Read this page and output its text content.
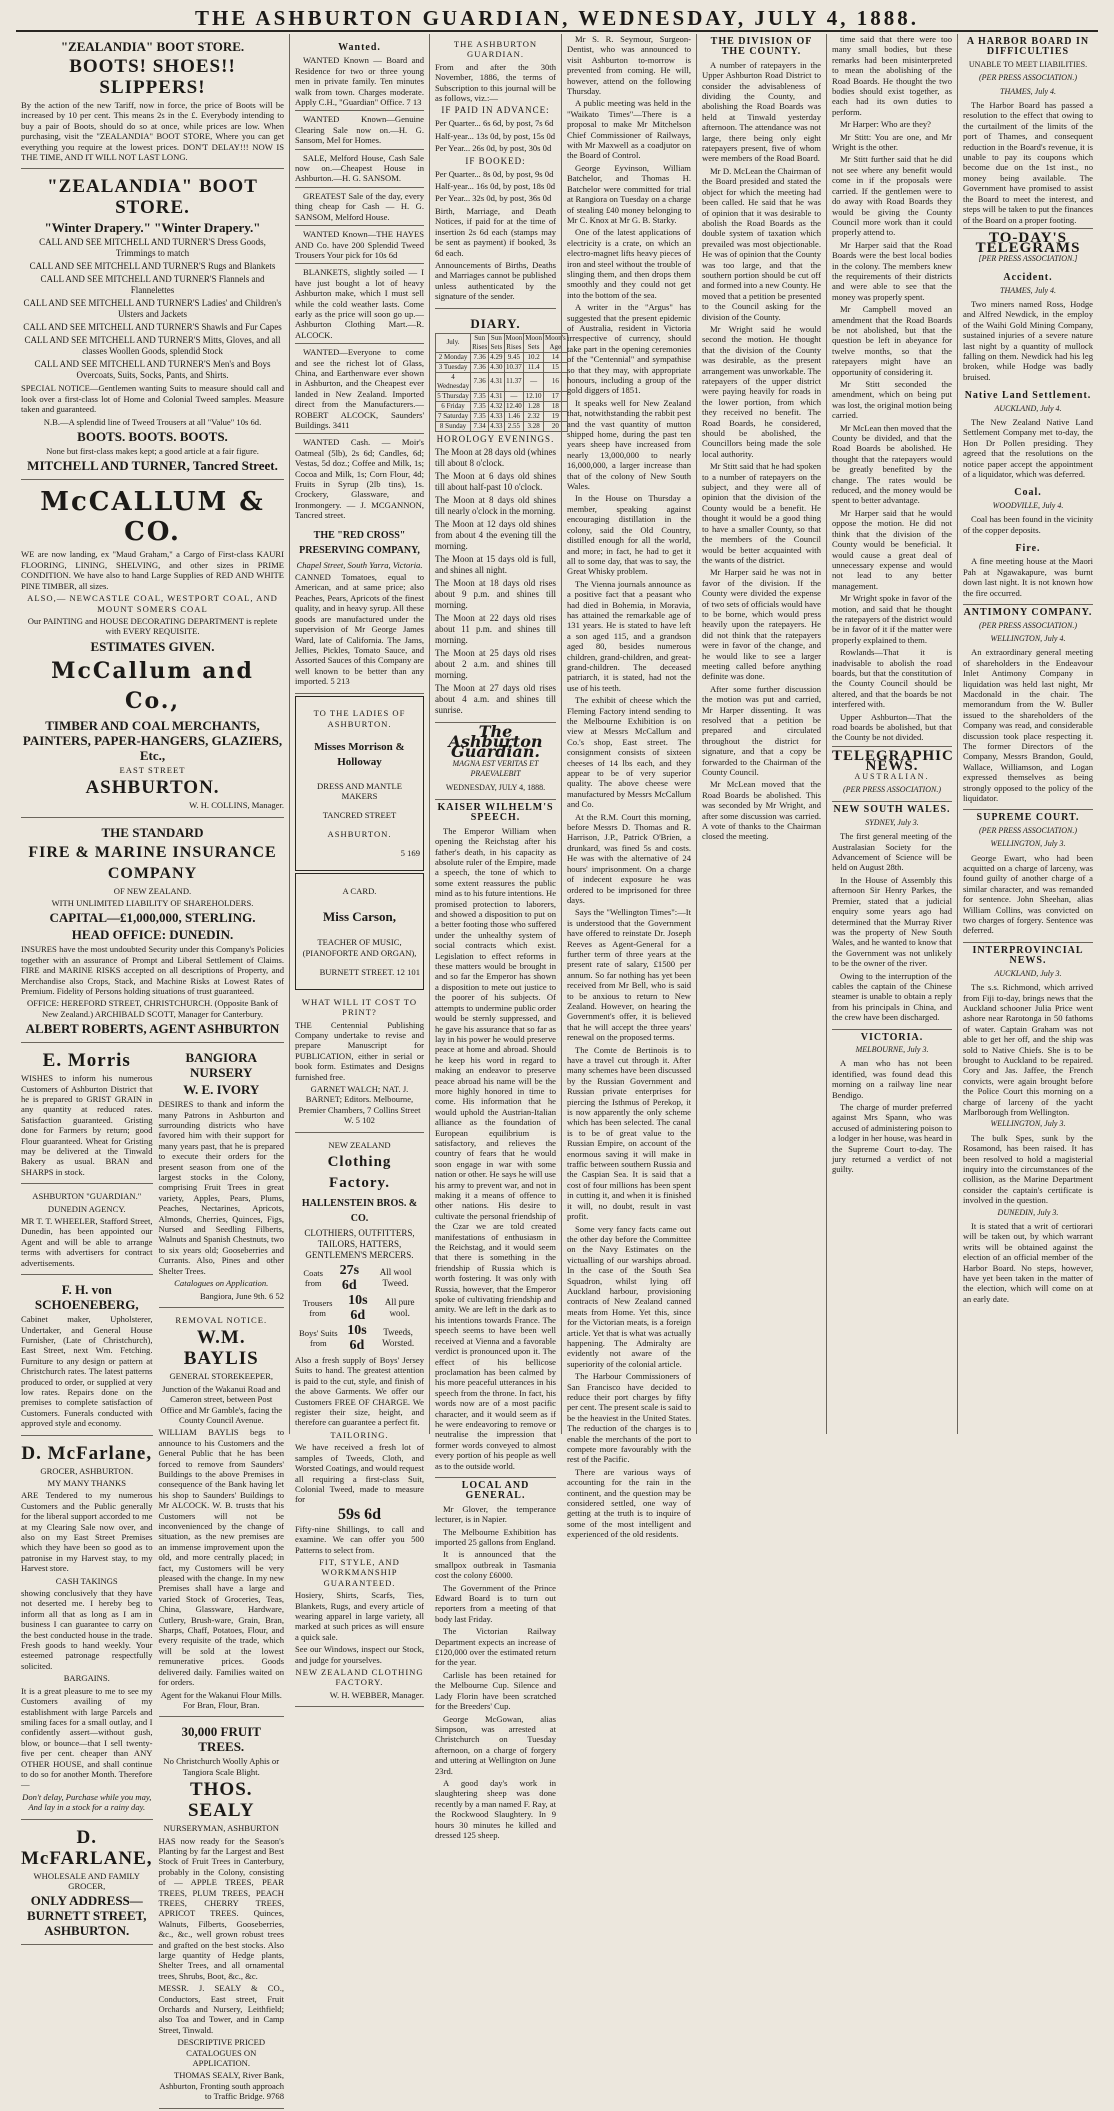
THE ASHBURTON GUARDIAN, WEDNESDAY, JULY 4, 1888.

"ZEALANDIA" BOOT STORE.

BOOTS! SHOES!! SLIPPERS!

By the action of the new Tariff, now in force, the price of Boots will be increased by 10 per cent. This means 2s in the £. Everybody intending to buy a pair of Boots, should do so at once, while prices are low. When purchasing, visit the "ZEALANDIA" BOOT STORE, Where you can get everything you require at the lowest prices. DON'T DELAY!!! NOW IS THE TIME, AND IT WILL NOT LAST LONG.

"ZEALANDIA" BOOT STORE.

"Winter Drapery." "Winter Drapery."

CALL AND SEE MITCHELL AND TURNER'S Dress Goods, Trimmings to match

CALL AND SEE MITCHELL AND TURNER'S Rugs and Blankets

CALL AND SEE MITCHELL AND TURNER'S Flannels and Flannelettes

CALL AND SEE MITCHELL AND TURNER'S Ladies' and Children's Ulsters and Jackets

CALL AND SEE MITCHELL AND TURNER'S Shawls and Fur Capes

CALL AND SEE MITCHELL AND TURNER'S Mitts, Gloves, and all classes Woollen Goods, splendid Stock

CALL AND SEE MITCHELL AND TURNER'S Men's and Boys Overcoats, Suits, Socks, Pants, and Shirts.

SPECIAL NOTICE—Gentlemen wanting Suits to measure should call and look over a first-class lot of Home and Colonial Tweed samples. Measure taken and guaranteed.

N.B.—A splendid line of Tweed Trousers at all "Value" 10s 6d.

BOOTS. BOOTS. BOOTS.

None but first-class makes kept; a good article at a fair figure.

MITCHELL AND TURNER, Tancred Street.

McCALLUM & CO.

WE are now landing, ex "Maud Graham," a Cargo of First-class KAURI FLOORING, LINING, SHELVING, and other sizes in PRIME CONDITION. We have also to hand Large Supplies of RED AND WHITE PINE TIMBER, all sizes.

ALSO,— NEWCASTLE COAL, WESTPORT COAL, AND MOUNT SOMERS COAL

Our PAINTING and HOUSE DECORATING DEPARTMENT is replete with EVERY REQUISITE.

ESTIMATES GIVEN.

McCallum and Co.,

TIMBER AND COAL MERCHANTS, PAINTERS, PAPER-HANGERS, GLAZIERS, Etc.,

EAST STREET

ASHBURTON.

W. H. COLLINS, Manager.

THE STANDARD

FIRE & MARINE INSURANCE COMPANY

OF NEW ZEALAND.

WITH UNLIMITED LIABILITY OF SHAREHOLDERS.

CAPITAL—£1,000,000, STERLING.

HEAD OFFICE: DUNEDIN.

INSURES have the most undoubted Security under this Company's Policies together with an assurance of Prompt and Liberal Settlement of Claims. FIRE and MARINE RISKS accepted on all descriptions of Property, and Merchandise also Crops, Stack, and Machine Risks at Lowest Rates of Premium. Fidelity of Persons holding situations of trust guaranteed.

OFFICE: HEREFORD STREET, CHRISTCHURCH. (Opposite Bank of New Zealand.) ARCHIBALD SCOTT, Manager for Canterbury.

ALBERT ROBERTS, AGENT ASHBURTON

E. Morris

WISHES to inform his numerous Customers of Ashburton District that he is prepared to GRIST GRAIN in any quantity at reduced rates. Satisfaction guaranteed. Gristing done for Farmers by return; good Flour guaranteed. Wheat for Gristing may be delivered at the Tinwald Bakery as usual. BRAN and SHARPS in stock.

ASHBURTON "GUARDIAN."

DUNEDIN AGENCY.

MR T. T. WHEELER, Stafford Street, Dunedin, has been appointed our Agent and will be able to arrange terms with advertisers for contract advertisements.

F. H. von SCHOENEBERG,

Cabinet maker, Upholsterer, Undertaker, and General House Furnisher, (Late of Christchurch), East Street, next Wm. Fetching. Furniture to any design or pattern at Christchurch rates. The latest patterns produced to order, or supplied at very low rates. Repairs done on the premises to complete satisfaction of Customers. Funerals conducted with approved style and economy.

D. McFarlane,

GROCER, ASHBURTON.

MY MANY THANKS

ARE Tendered to my numerous Customers and the Public generally for the liberal support accorded to me at my Clearing Sale now over, and also on my East Street Premises which they have been so good as to patronise in my Harvest stay, to my Harvest store.

CASH TAKINGS

showing conclusively that they have not deserted me. I hereby beg to inform all that as long as I am in business I can guarantee to carry on the best conducted house in the trade. Fresh goods to hand weekly. Your esteemed patronage respectfully solicited.

BARGAINS.

It is a great pleasure to me to see my Customers availing of my establishment with large Parcels and smiling faces for a small outlay, and I confidently assert—without gush, blow, or bounce—that I sell twenty-five per cent. cheaper than ANY OTHER HOUSE, and shall continue to do so for another Month. Therefore—

Don't delay, Purchase while you may, And lay in a stock for a rainy day.

D. McFARLANE,

WHOLESALE AND FAMILY GROCER,

ONLY ADDRESS— BURNETT STREET, ASHBURTON.

BANGIORA NURSERY

W. E. IVORY

DESIRES to thank and inform the many Patrons in Ashburton and surrounding districts who have favored him with their support for many years past, that he is prepared to execute their orders for the present season from one of the largest stocks in the Colony, comprising Fruit Trees in great variety, Apples, Pears, Plums, Peaches, Nectarines, Apricots, Almonds, Cherries, Quinces, Figs, Nursed and Seedling Filberts, Walnuts and Spanish Chestnuts, two to six years old; Gooseberries and Currants. Also, Pines and other Shelter Trees.

Catalogues on Application.

Bangiora, June 9th. 6 52

REMOVAL NOTICE.

W.M. BAYLIS

GENERAL STOREKEEPER,

Junction of the Wakanui Road and Cameron street, between Post Office and Mr Gamble's, facing the County Council Avenue.

WILLIAM BAYLIS begs to announce to his Customers and the General Public that he has been forced to remove from Saunders' Buildings to the above Premises in consequence of the Bank having let his shop to Saunders' Buildings to Mr ALCOCK. W. B. trusts that his Customers will not be inconvenienced by the change of situation, as the new premises are an immense improvement upon the old, and more centrally placed; in fact, my Customers will be very pleased with the change. In my new Premises shall have a large and varied Stock of Groceries, Teas, China, Glassware, Hardware, Cutlery, Brush-ware, Grain, Bran, Sharps, Chaff, Potatoes, Flour, and every requisite of the trade, which will be sold at the lowest remunerative prices. Goods delivered daily. Families waited on for orders.

Agent for the Wakanui Flour Mills. For Bran, Flour, Bran.

30,000 FRUIT TREES.

No Christchurch Woolly Aphis or Tangiora Scale Blight.

THOS. SEALY

NURSERYMAN, ASHBURTON

HAS now ready for the Season's Planting by far the Largest and Best Stock of Fruit Trees in Canterbury, probably in the Colony, consisting of — APPLE TREES, PEAR TREES, PLUM TREES, PEACH TREES, CHERRY TREES, APRICOT TREES. Quinces, Walnuts, Filberts, Gooseberries, &c., &c., well grown robust trees and grafted on the best stocks. Also large quantity of Hedge plants, Shelter Trees, and all ornamental trees, Shrubs, Boot, &c., &c.

MESSR. J. SEALY & CO., Conductors, East street, Fruit Orchards and Nursery, Leithfield; also Toa and Tower, and in Camp Street, Tinwald.

DESCRIPTIVE PRICED CATALOGUES ON APPLICATION.

THOMAS SEALY, River Bank, Ashburton, Fronting south approach to Traffic Bridge. 9768

Wanted.

WANTED Known — Board and Residence for two or three young men in private family. Ten minutes walk from town. Charges moderate. Apply C.H., "Guardian" Office. 7 13

WANTED Known—Genuine Clearing Sale now on.—H. G. Sansom, Mel for Homes.

SALE, Melford House, Cash Sale now on.—Cheapest House in Ashburton.—H. G. SANSOM.

GREATEST Sale of the day, every thing cheap for Cash — H. G. SANSOM, Melford House.

WANTED Known—THE HAYES AND Co. have 200 Splendid Tweed Trousers Your pick for 10s 6d

BLANKETS, slightly soiled — I have just bought a lot of heavy Ashburton make, which I must sell while the cold weather lasts. Come early as the price will soon go up.—Ashburton Clothing Mart.—R. ALCOCK.

WANTED—Everyone to come and see the richest lot of Glass, China, and Earthenware ever shown in Ashburton, and the Cheapest ever landed in New Zealand. Imported direct from the Manufacturers.—ROBERT ALCOCK, Saunders' Buildings. 3411

WANTED Cash. — Moir's Oatmeal (5lb), 2s 6d; Candles, 6d; Vestas, 5d doz.; Coffee and Milk, 1s; Cocoa and Milk, 1s; Corn Flour, 4d; Fruits in Syrup (2lb tins), 1s. Crockery, Glassware, and Ironmongery. — J. MCGANNON, Tancred street.

THE "RED CROSS" PRESERVING COMPANY,

Chapel Street, South Yarra, Victoria.

CANNED Tomatoes, equal to American, and at same price; also Peaches, Pears, Apricots of the finest quality, and in heavy syrup. All these goods are manufactured under the supervision of Mr George James Ward, late of California. The Jams, Jellies, Pickles, Tomato Sauce, and Assorted Sauces of this Company are well known to be better than any imported. 5 213

TO THE LADIES OF ASHBURTON.

Misses Morrison & Holloway

DRESS AND MANTLE MAKERS

TANCRED STREET

ASHBURTON.

5 169

A CARD.

Miss Carson,

TEACHER OF MUSIC, (PIANOFORTE AND ORGAN),

BURNETT STREET. 12 101

WHAT WILL IT COST TO PRINT?

THE Centennial Publishing Company undertake to revise and prepare Manuscript for PUBLICATION, either in serial or book form. Estimates and Designs furnished free.

GARNET WALCH; NAT. J. BARNET; Editors. Melbourne, Premier Chambers, 7 Collins Street W. 5 102

NEW ZEALAND

Clothing Factory.

HALLENSTEIN BROS. & CO.

CLOTHIERS, OUTFITTERS, TAILORS, HATTERS, GENTLEMEN'S MERCERS.

Coats from
27s 6d
All wool Tweed.
Trousers from
10s 6d
All pure wool.
Boys' Suits from
10s 6d
Tweeds, Worsted.

Also a fresh supply of Boys' Jersey Suits to hand. The greatest attention is paid to the cut, style, and finish of the above Garments. We offer our Customers FREE OF CHARGE. We register their size, height, and therefore can guarantee a perfect fit.

TAILORING.

We have received a fresh lot of samples of Tweeds, Cloth, and Worsted Coatings, and would request all requiring a first-class Suit, Colonial Tweed, made to measure for

59s 6d

Fifty-nine Shillings, to call and examine. We can offer you 500 Patterns to select from.

FIT, STYLE, AND WORKMANSHIP GUARANTEED.

Hosiery, Shirts, Scarfs, Ties, Blankets, Rugs, and every article of wearing apparel in large variety, all marked at such prices as will ensure a quick sale.

See our Windows, inspect our Stock, and judge for yourselves.

NEW ZEALAND CLOTHING FACTORY.

W. H. WEBBER, Manager.

THE ASHBURTON GUARDIAN.

From and after the 30th November, 1886, the terms of Subscription to this journal will be as follows, viz.:—

IF PAID IN ADVANCE:

Per Quarter... 6s 6d, by post, 7s 6d

Half-year... 13s 0d, by post, 15s 0d

Per Year... 26s 0d, by post, 30s 0d

IF BOOKED:

Per Quarter... 8s 0d, by post, 9s 0d

Half-year... 16s 0d, by post, 18s 0d

Per Year... 32s 0d, by post, 36s 0d

Birth, Marriage, and Death Notices, if paid for at the time of insertion 2s 6d each (stamps may be sent as payment) if booked, 3s 6d each.

Announcements of Births, Deaths and Marriages cannot be published unless authenticated by the signature of the sender.

DIARY.

July.	Sun Rises	Sun Sets	Moon Rises	Moon Sets	Moon's Age
2 Monday	7.36	4.29	9.45	10.2	14
3 Tuesday	7.36	4.30	10.37	11.4	15
4 Wednesday	7.36	4.31	11.37	—	16
5 Thursday	7.35	4.31	—	12.10	17
6 Friday	7.35	4.32	12.40	1.28	18
7 Saturday	7.35	4.33	1.46	2.32	19
8 Sunday	7.34	4.33	2.55	3.28	20

HOROLOGY EVENINGS.

The Moon at 28 days old (whines till about 8 o'clock.

The Moon at 6 days old shines till about half-past 10 o'clock.

The Moon at 8 days old shines till nearly o'clock in the morning.

The Moon at 12 days old shines from about 4 the evening till the morning.

The Moon at 15 days old is full, and shines all night.

The Moon at 18 days old rises about 9 p.m. and shines till morning.

The Moon at 22 days old rises about 11 p.m. and shines till morning.

The Moon at 25 days old rises about 2 a.m. and shines till morning.

The Moon at 27 days old rises about 4 a.m. and shines till sunrise.

The Ashburton Guardian.
MAGNA EST VERITAS ET PRAEVALEBIT
WEDNESDAY, JULY 4, 1888.
KAISER WILHELM'S SPEECH.

The Emperor William when opening the Reichstag after his father's death, in his capacity as absolute ruler of the Empire, made a speech, the tone of which to some extent reassures the public mind as to his future intentions. He promised protection to laborers, and showed a disposition to put on a better footing those who suffered under the unhealthy system of social contracts which exist. Legislation to effect reforms in these matters would be brought in and so far the Emperor has shown a disposition to mete out justice to the poorer of his subjects. Of attempts to undermine public order would be sternly suppressed, and he gave his assurance that so far as lay in his power he would preserve peace at home and abroad. Should he keep his word in regard to making an endeavor to preserve peace abroad his name will be the more highly honored in time to come. His information that he would uphold the Austrian-Italian alliance as the foundation of European equilibrium is satisfactory, and relieves the country of fears that he would soon engage in war with some nation or other. He says he will use his army to prevent war, and not in making it a means of offence to other nations. His desire to cultivate the personal friendship of the Czar we are told created manifestations of enthusiasm in the Reichstag, and it would seem that there is something in the friendship of Russia which is worth fostering. It was only with Russia, however, that the Emperor spoke of cultivating friendship and amity. We are left in the dark as to his intentions towards France. The speech seems to have been well received at Vienna and a favorable verdict is pronounced upon it. The effect of his bellicose proclamation has been calmed by his more peaceful utterances in his speech from the throne. In fact, his words now are of a most pacific character, and it would seem as if he were endeavoring to remove or neutralise the impression that former words conveyed to almost every portion of his people as well as to the outside world.

LOCAL AND GENERAL.

Mr Glover, the temperance lecturer, is in Napier.

The Melbourne Exhibition has imported 25 gallons from England.

It is announced that the smallpox outbreak in Tasmania cost the colony £6000.

The Government of the Prince Edward Board is to turn out reporters from a meeting of that body last Friday.

The Victorian Railway Department expects an increase of £120,000 over the estimated return for the year.

Carlisle has been retained for the Melbourne Cup. Silence and Lady Florin have been scratched for the Breeders' Cup.

George McGowan, alias Simpson, was arrested at Christchurch on Tuesday afternoon, on a charge of forgery and uttering at Wellington on June 23rd.

A good day's work in slaughtering sheep was done recently by a man named F. Ray, at the Rockwood Slaughtery. In 9 hours 30 minutes he killed and dressed 125 sheep.

Mr S. R. Seymour, Surgeon-Dentist, who was announced to visit Ashburton to-morrow is prevented from coming. He will, however, attend on the following Thursday.

A public meeting was held in the "Waikato Times"—There is a proposal to make Mr Mitchelson Chief Commissioner of Railways, with Mr Maxwell as a coadjutor on the Board of Control.

George Eyvinson, William Batchelor, and Thomas H. Batchelor were committed for trial at Rangiora on Tuesday on a charge of stealing £40 money belonging to Mr C. Knox at Mr G. B. Starky.

One of the latest applications of electricity is a crate, on which an electro-magnet lifts heavy pieces of iron and steel without the trouble of slinging them, and then drops them smoothly and they could not get into the bottom of the sea.

A writer in the "Argus" has suggested that the present epidemic of Australia, resident in Victoria irrespective of currency, should take part in the opening ceremonies of the "Centennial" and sympathise so that they may, with appropriate honours, including a group of the gold diggers of 1851.

It speaks well for New Zealand that, notwithstanding the rabbit pest and the vast quantity of mutton shipped home, during the past ten years sheep have increased from nearly 13,000,000 to nearly 16,000,000, a larger increase than that of the colony of New South Wales.

In the House on Thursday a member, speaking against encouraging distillation in the colony, said the Old Country, distilled enough for all the world, and more; in fact, he had to get it all to some day, that was to say, the Great Whisky problem.

The Vienna journals announce as a positive fact that a peasant who had died in Bohemia, in Moravia, has attained the remarkable age of 131 years. He is stated to have left a son aged 115, and a grandson aged 80, besides numerous children, grand-children, and great-grand-children. The deceased patriarch, it is stated, had not the use of his teeth.

The exhibit of cheese which the Fleming Factory intend sending to the Melbourne Exhibition is on view at Messrs McCallum and Co.'s shop, East street. The consignment consists of sixteen cheeses of 14 lbs each, and they appear to be of very superior quality. The above cheese were manufactured by Messrs McCallum and Co.

At the R.M. Court this morning, before Messrs D. Thomas and R. Harrison, J.P., Patrick O'Brien, a drunkard, was fined 5s and costs. He was with the alternative of 24 hours' imprisonment. On a charge of indecent exposure he was ordered to be imprisoned for three days.

Says the "Wellington Times":—It is understood that the Government have offered to reinstate Dr. Joseph Reeves as Agent-General for a further term of three years at the present rate of salary, £1500 per annum. So far nothing has yet been received from Mr Bell, who is said to be anxious to return to New Zealand. However, on hearing the Government's offer, it is believed that he will accept the three years' renewal on the proposed terms.

The Comte de Bertinois is to have a travel cut through it. After many schemes have been discussed by the Russian Government and Russian private enterprises for piercing the Isthmus of Perekop, it is now apparently the only scheme which has been selected. The canal is to be of great value to the Russian Empire, on account of the enormous saving it will make in traffic between southern Russia and the Caspian Sea. It is said that a cost of four millions has been spent in cutting it, and when it is finished it will, no doubt, result in vast profit.

Some very fancy facts came out the other day before the Committee on the Navy Estimates on the victualling of our warships abroad. In the case of the South Sea Squadron, whilst lying off Auckland harbour, provisioning contracts of New Zealand canned meats from Home. Yet this, since for the Victorian meats, is a foreign article. Yet that is what was actually happening. The Admiralty are evidently not aware of the superiority of the colonial article.

The Harbour Commissioners of San Francisco have decided to reduce their port charges by fifty per cent. The present scale is said to be the heaviest in the United States. The reduction of the charges is to enable the merchants of the port to compete more favourably with the rest of the Pacific.

There are various ways of accounting for the rain in the continent, and the question may be considered settled, one way of getting at the truth is to inquire of some of the most intelligent and experienced of the old residents.

THE DIVISION OF THE COUNTY.

A number of ratepayers in the Upper Ashburton Road District to consider the advisableness of dividing the County, and abolishing the Road Boards was held at Tinwald yesterday afternoon. The attendance was not large, there being only eight ratepayers present, five of whom were members of the Road Board.

Mr D. McLean the Chairman of the Board presided and stated the object for which the meeting had been called. He said that he was of opinion that it was desirable to abolish the Road Boards as the double system of taxation which prevailed was most objectionable. He was of opinion that the County was too large, and that the southern portion should be cut off and formed into a new County. He moved that a petition be presented to the Council asking for the division of the County.

Mr Wright said he would second the motion. He thought that the division of the County was desirable, as the present arrangement was unworkable. The ratepayers of the upper district were paying heavily for roads in the lower portion, from which they received no benefit. The Road Boards, he considered, should be abolished, the Councillors being made the sole local authority.

Mr Stitt said that he had spoken to a number of ratepayers on the subject, and they were all of opinion that the division of the County would be a benefit. He thought it would be a good thing to have a smaller County, so that the members of the Council would be better acquainted with the wants of the district.

Mr Harper said he was not in favor of the division. If the County were divided the expense of two sets of officials would have to be borne, which would press heavily upon the ratepayers. He did not think that the ratepayers were in favor of the change, and he would like to see a larger meeting called before anything definite was done.

After some further discussion the motion was put and carried, Mr Harper dissenting. It was resolved that a petition be prepared and circulated throughout the district for signature, and that a copy be forwarded to the Chairman of the County Council.

Mr McLean moved that the Road Boards be abolished. This was seconded by Mr Wright, and after some discussion was carried. A vote of thanks to the Chairman closed the meeting.

time said that there were too many small bodies, but these remarks had been misinterpreted to mean the abolishing of the Road Boards. He thought the two bodies should exist together, as each had its own duties to perform.

Mr Harper: Who are they?

Mr Stitt: You are one, and Mr Wright is the other.

Mr Stitt further said that he did not see where any benefit would come in if the proposals were carried. If the gentlemen were to do away with Road Boards they would be giving the County Council more work than it could properly attend to.

Mr Harper said that the Road Boards were the best local bodies in the colony. The members knew the requirements of their districts and were able to see that the money was properly spent.

Mr Campbell moved an amendment that the Road Boards be not abolished, but that the question be left in abeyance for twelve months, so that the ratepayers might have an opportunity of considering it.

Mr Stitt seconded the amendment, which on being put was lost, the original motion being carried.

Mr McLean then moved that the County be divided, and that the Road Boards be abolished. He thought that the ratepayers would be greatly benefited by the change. The rates would be reduced, and the money would be spent to better advantage.

Mr Harper said that he would oppose the motion. He did not think that the division of the County would be beneficial. It would cause a great deal of unnecessary expense and would not lead to any better management.

Mr Wright spoke in favor of the motion, and said that he thought the ratepayers of the district would be in favor of it if the matter were properly explained to them.

Rowlands—That it is inadvisable to abolish the road boards, but that the constitution of the County Council should be altered, and that the boards be not interfered with.

Upper Ashburton—That the road boards be abolished, but that the County be not divided.

TELEGRAPHIC NEWS.
AUSTRALIAN.
(PER PRESS ASSOCIATION.)
NEW SOUTH WALES.
SYDNEY, July 3.

The first general meeting of the Australasian Society for the Advancement of Science will be held on August 28th.

In the House of Assembly this afternoon Sir Henry Parkes, the Premier, stated that a judicial enquiry some years ago had determined that the Murray River was the property of New South Wales, and he wanted to know that the Government was not unlikely to be the owner of the river.

Owing to the interruption of the cables the captain of the Chinese steamer is unable to obtain a reply from his principals in China, and the crew have been discharged.

VICTORIA.
MELBOURNE, July 3.

A man who has not been identified, was found dead this morning on a railway line near Bendigo.

The charge of murder preferred against Mrs Spann, who was accused of administering poison to a lodger in her house, was heard in the Supreme Court to-day. The jury returned a verdict of not guilty.

A HARBOR BOARD IN DIFFICULTIES
UNABLE TO MEET LIABILITIES.
(PER PRESS ASSOCIATION.)
THAMES, July 4.

The Harbor Board has passed a resolution to the effect that owing to the curtailment of the limits of the port of Thames, and consequent reduction in the Board's revenue, it is unable to pay its coupons which become due on the 1st inst., no money being available. The Government have promised to assist the Board to meet the interest, and steps will be taken to put the finances of the Board on a proper footing.

TO-DAY'S TELEGRAMS
[PER PRESS ASSOCIATION.]
Accident.
THAMES, July 4.

Two miners named Ross, Hodge and Alfred Newdick, in the employ of the Waihi Gold Mining Company, sustained injuries of a severe nature last night by a quantity of mullock falling on them. Newdick had his leg broken, while Hodge was badly bruised.

Native Land Settlement.
AUCKLAND, July 4.

The New Zealand Native Land Settlement Company met to-day, the Hon Dr Pollen presiding. They agreed that the resolutions on the notice paper accept the appointment of a liquidator, which was deferred.

Coal.
WOODVILLE, July 4.

Coal has been found in the vicinity of the copper deposits.

Fire.

A fine meeting house at the Maori Pah at Ngawakapure, was burnt down last night. It is not known how the fire occurred.

ANTIMONY COMPANY.
(PER PRESS ASSOCIATION.)
WELLINGTON, July 4.

An extraordinary general meeting of shareholders in the Endeavour Inlet Antimony Company in liquidation was held last night, Mr Macdonald in the chair. The memorandum from the W. Buller issued to the shareholders of the Company was read, and considerable discussion took place respecting it. The former Directors of the Company, Messrs Brandon, Gould, Wallace, Williamson, and Logan expressed themselves as being strongly opposed to the policy of the liquidator.

SUPREME COURT.
(PER PRESS ASSOCIATION.)
WELLINGTON, July 3.

George Ewart, who had been acquitted on a charge of larceny, was found guilty of another charge of a similar character, and was remanded for sentence. John Sheehan, alias William Collins, was convicted on two charges of forgery. Sentence was deferred.

INTERPROVINCIAL NEWS.
AUCKLAND, July 3.

The s.s. Richmond, which arrived from Fiji to-day, brings news that the Auckland schooner Julia Price went ashore near Rarotonga in 50 fathoms of water. Captain Graham was not able to get her off, and the ship was sold to Native Chiefs. She is to be brought to Auckland to be repaired. Cory and Jas. Jaffee, the French convicts, were again brought before the Police Court this morning on a charge of larceny of the yacht Marlborough from Wellington.

WELLINGTON, July 3.

The bulk Spes, sunk by the Rosamond, has been raised. It has been resolved to hold a magisterial inquiry into the circumstances of the collision, as the Marine Department consider the captain's certificate is involved in the question.

DUNEDIN, July 3.

It is stated that a writ of certiorari will be taken out, by which warrant writs will be obtained against the election of an official member of the Harbor Board. No steps, however, have yet been taken in the matter of the election, which will come on at an early date.
